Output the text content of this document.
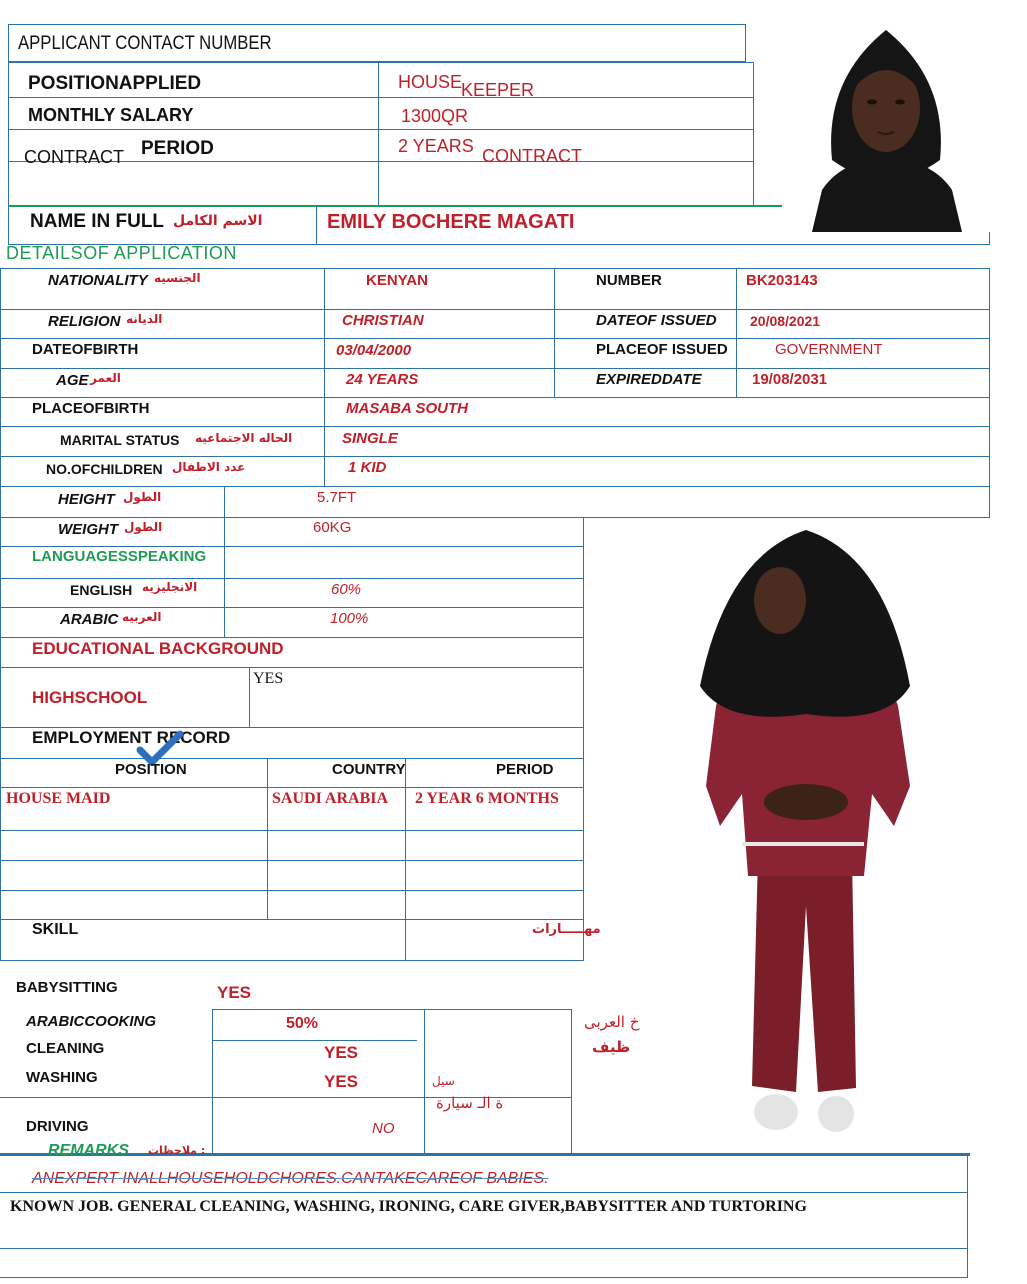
APPLICANT CONTACT NUMBER
POSITIONAPPLIED	HOUSE
KEEPER
MONTHLY SALARY	1300QR
CONTRACT PERIOD	2 YEARS CONTRACT
NAME IN FULL الاسم الكامل	EMILY BOCHERE MAGATI
DETAILSOF APPLICATION
NATIONALITY الجنسيه	KENYAN	NUMBER	BK203143
RELIGION الديانه	CHRISTIAN	DATEOF ISSUED 20/08/2021
DATEOFBIRTH	03/04/2000	PLACEOF ISSUED	GOVERNMENT
AGE العمر	24 YEARS	EXPIREDDATE	19/08/2031
PLACEOFBIRTH	MASABA SOUTH
MARITAL STATUS الحاله الاجتماعيه	SINGLE
NO.OFCHILDREN عدد الاطفال	1 KID
HEIGHT الطول	5.7FT
WEIGHT الطول	60KG
LANGUAGESSPEAKING
ENGLISH الانجليزيه	60%
ARABIC العربيه	100%
EDUCATIONAL BACKGROUND
HIGHSCHOOL
YES
EMPLOYMENT RECORD
POSITION	COUNTRY	PERIOD
HOUSE MAID	SAUDI ARABIA 2 YEAR 6 MONTHS
SKILL	مهـــــارات
BABYSITTING	YES
ARABICCOOKING	50%
CLEANING	YES
WASHING	YES
DRIVING	NO
خ العربى
ظيف
سيل
ة الـ سيارة
REMARKS ملاحظات :
ANEXPERT INALLHOUSEHOLDCHORES.CANTAKECAREOF BABIES.
KNOWN JOB. GENERAL CLEANING, WASHING, IRONING, CARE GIVER,BABYSITTER AND TURTORING
